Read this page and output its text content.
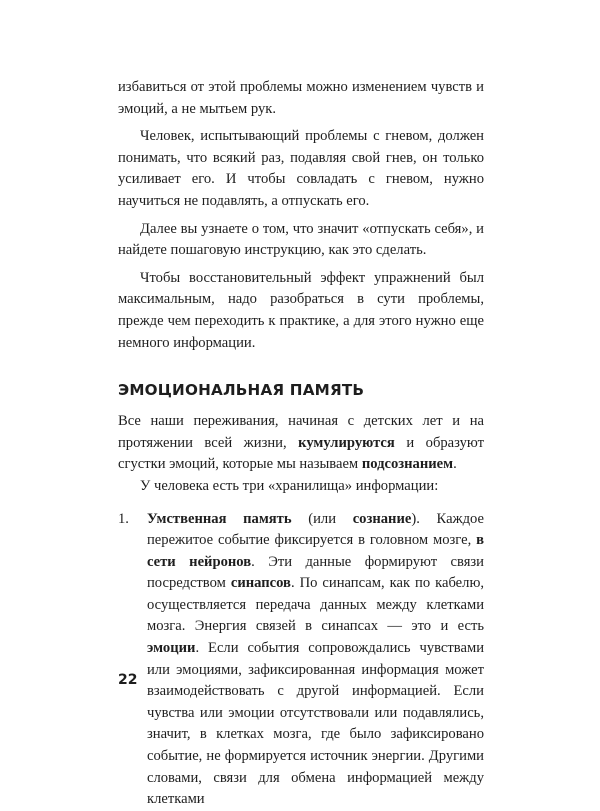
избавиться от этой проблемы можно изменением чувств и эмоций, а не мытьем рук.

Человек, испытывающий проблемы с гневом, должен понимать, что всякий раз, подавляя свой гнев, он только усиливает его. И чтобы совладать с гневом, нужно научиться не подавлять, а отпускать его.

Далее вы узнаете о том, что значит «отпускать себя», и найдете пошаговую инструкцию, как это сделать.

Чтобы восстановительный эффект упражнений был максимальным, надо разобраться в сути проблемы, прежде чем переходить к практике, а для этого нужно еще немного информации.

ЭМОЦИОНАЛЬНАЯ ПАМЯТЬ

Все наши переживания, начиная с детских лет и на протяжении всей жизни, кумулируются и образуют сгустки эмоций, которые мы называем подсознанием.

У человека есть три «хранилища» информации:

1. Умственная память (или сознание). Каждое пережитое событие фиксируется в головном мозге, в сети нейронов. Эти данные формируют связи посредством синапсов. По синапсам, как по кабелю, осуществляется передача данных между клетками мозга. Энергия связей в синапсах — это и есть эмоции. Если события сопровождались чувствами или эмоциями, зафиксированная информация может взаимодействовать с другой информацией. Если чувства или эмоции отсутствовали или подавлялись, значит, в клетках мозга, где было зафиксировано событие, не формируется источник энергии. Другими словами, связи для обмена информацией между клетками

22
